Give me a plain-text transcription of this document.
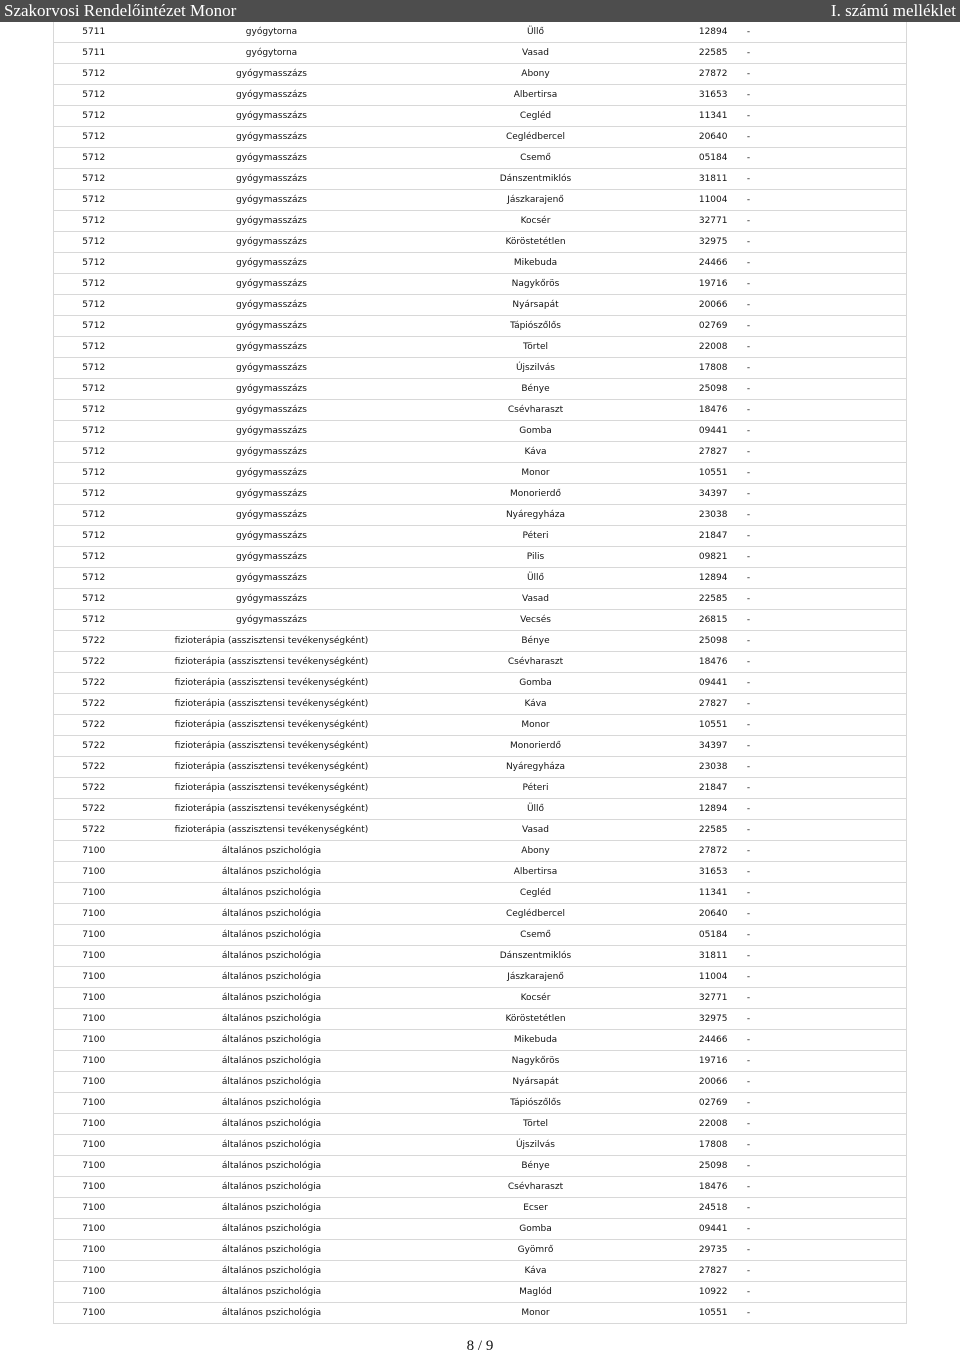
Szakorvosi Rendelőintézet Monor	I. számú melléklet
5711	gyógytorna	Üllő	12894	-	
5711	gyógytorna	Vasad	22585	-	
5712	gyógymasszázs	Abony	27872	-	
5712	gyógymasszázs	Albertirsa	31653	-	
5712	gyógymasszázs	Cegléd	11341	-	
5712	gyógymasszázs	Ceglédbercel	20640	-	
5712	gyógymasszázs	Csemő	05184	-	
5712	gyógymasszázs	Dánszentmiklós	31811	-	
5712	gyógymasszázs	Jászkarajenő	11004	-	
5712	gyógymasszázs	Kocsér	32771	-	
5712	gyógymasszázs	Köröstetétlen	32975	-	
5712	gyógymasszázs	Mikebuda	24466	-	
5712	gyógymasszázs	Nagykőrös	19716	-	
5712	gyógymasszázs	Nyársapát	20066	-	
5712	gyógymasszázs	Tápiószőlős	02769	-	
5712	gyógymasszázs	Törtel	22008	-	
5712	gyógymasszázs	Újszilvás	17808	-	
5712	gyógymasszázs	Bénye	25098	-	
5712	gyógymasszázs	Csévharaszt	18476	-	
5712	gyógymasszázs	Gomba	09441	-	
5712	gyógymasszázs	Káva	27827	-	
5712	gyógymasszázs	Monor	10551	-	
5712	gyógymasszázs	Monorierdő	34397	-	
5712	gyógymasszázs	Nyáregyháza	23038	-	
5712	gyógymasszázs	Péteri	21847	-	
5712	gyógymasszázs	Pilis	09821	-	
5712	gyógymasszázs	Üllő	12894	-	
5712	gyógymasszázs	Vasad	22585	-	
5712	gyógymasszázs	Vecsés	26815	-	
5722	fizioterápia (asszisztensi tevékenységként)	Bénye	25098	-	
5722	fizioterápia (asszisztensi tevékenységként)	Csévharaszt	18476	-	
5722	fizioterápia (asszisztensi tevékenységként)	Gomba	09441	-	
5722	fizioterápia (asszisztensi tevékenységként)	Káva	27827	-	
5722	fizioterápia (asszisztensi tevékenységként)	Monor	10551	-	
5722	fizioterápia (asszisztensi tevékenységként)	Monorierdő	34397	-	
5722	fizioterápia (asszisztensi tevékenységként)	Nyáregyháza	23038	-	
5722	fizioterápia (asszisztensi tevékenységként)	Péteri	21847	-	
5722	fizioterápia (asszisztensi tevékenységként)	Üllő	12894	-	
5722	fizioterápia (asszisztensi tevékenységként)	Vasad	22585	-	
7100	általános pszichológia	Abony	27872	-	
7100	általános pszichológia	Albertirsa	31653	-	
7100	általános pszichológia	Cegléd	11341	-	
7100	általános pszichológia	Ceglédbercel	20640	-	
7100	általános pszichológia	Csemő	05184	-	
7100	általános pszichológia	Dánszentmiklós	31811	-	
7100	általános pszichológia	Jászkarajenő	11004	-	
7100	általános pszichológia	Kocsér	32771	-	
7100	általános pszichológia	Köröstetétlen	32975	-	
7100	általános pszichológia	Mikebuda	24466	-	
7100	általános pszichológia	Nagykőrös	19716	-	
7100	általános pszichológia	Nyársapát	20066	-	
7100	általános pszichológia	Tápiószőlős	02769	-	
7100	általános pszichológia	Törtel	22008	-	
7100	általános pszichológia	Újszilvás	17808	-	
7100	általános pszichológia	Bénye	25098	-	
7100	általános pszichológia	Csévharaszt	18476	-	
7100	általános pszichológia	Ecser	24518	-	
7100	általános pszichológia	Gomba	09441	-	
7100	általános pszichológia	Gyömrő	29735	-	
7100	általános pszichológia	Káva	27827	-	
7100	általános pszichológia	Maglód	10922	-	
7100	általános pszichológia	Monor	10551	-	
8 / 9
